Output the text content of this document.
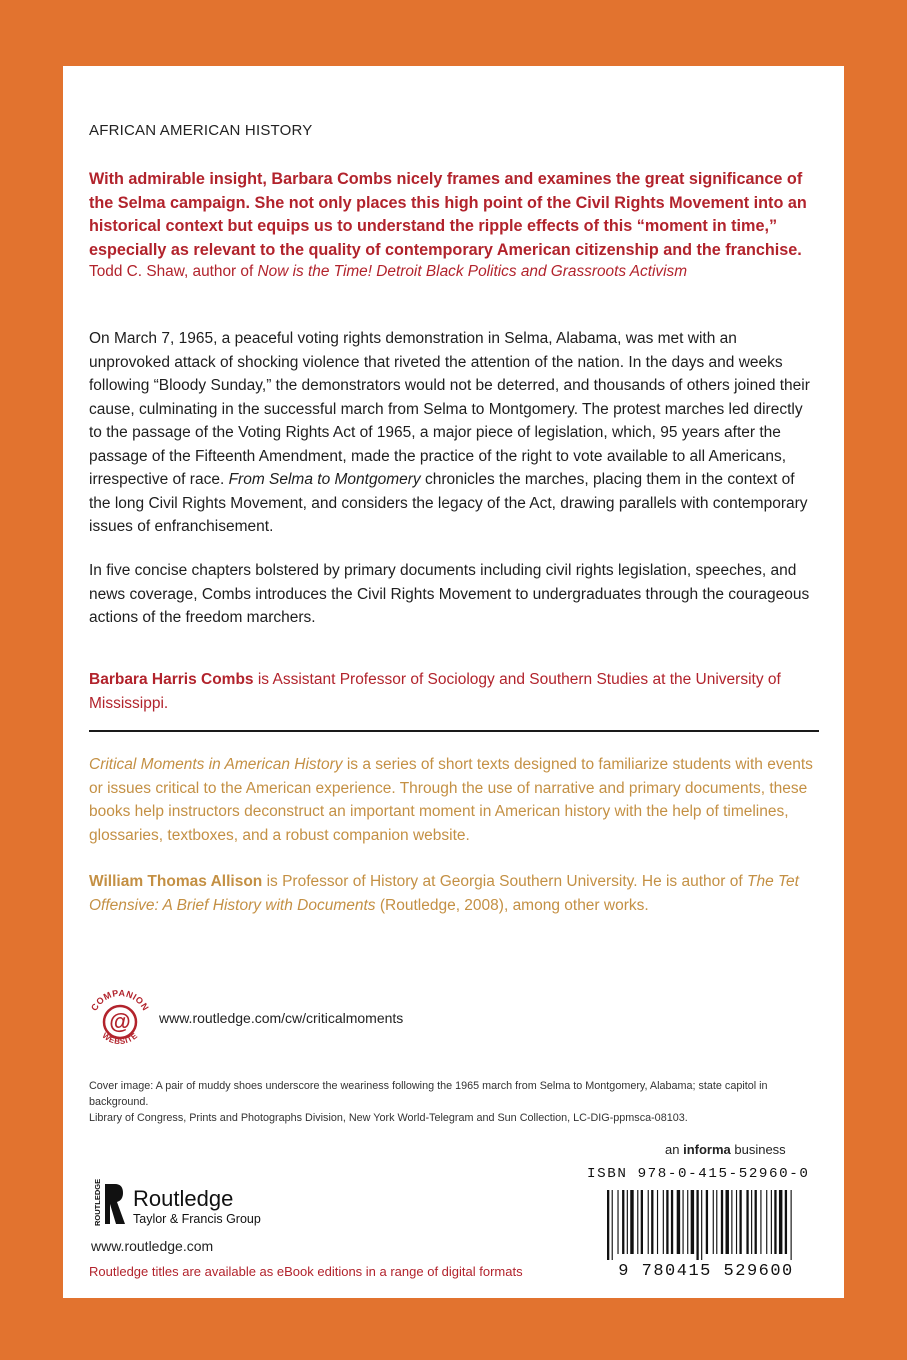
AFRICAN AMERICAN HISTORY
With admirable insight, Barbara Combs nicely frames and examines the great significance of the Selma campaign. She not only places this high point of the Civil Rights Movement into an historical context but equips us to understand the ripple effects of this “moment in time,” especially as relevant to the quality of contemporary American citizenship and the franchise.
Todd C. Shaw, author of Now is the Time! Detroit Black Politics and Grassroots Activism
On March 7, 1965, a peaceful voting rights demonstration in Selma, Alabama, was met with an unprovoked attack of shocking violence that riveted the attention of the nation. In the days and weeks following “Bloody Sunday,” the demonstrators would not be deterred, and thousands of others joined their cause, culminating in the successful march from Selma to Montgomery. The protest marches led directly to the passage of the Voting Rights Act of 1965, a major piece of legislation, which, 95 years after the passage of the Fifteenth Amendment, made the practice of the right to vote available to all Americans, irrespective of race. From Selma to Montgomery chronicles the marches, placing them in the context of the long Civil Rights Movement, and considers the legacy of the Act, drawing parallels with contemporary issues of enfranchisement.
In five concise chapters bolstered by primary documents including civil rights legislation, speeches, and news coverage, Combs introduces the Civil Rights Movement to undergraduates through the courageous actions of the freedom marchers.
Barbara Harris Combs is Assistant Professor of Sociology and Southern Studies at the University of Mississippi.
Critical Moments in American History is a series of short texts designed to familiarize students with events or issues critical to the American experience. Through the use of narrative and primary documents, these books help instructors deconstruct an important moment in American history with the help of timelines, glossaries, textboxes, and a robust companion website.
William Thomas Allison is Professor of History at Georgia Southern University. He is author of The Tet Offensive: A Brief History with Documents (Routledge, 2008), among other works.
@
COMPANION
WEBSITE
www.routledge.com/cw/criticalmoments
Cover image: A pair of muddy shoes underscore the weariness following the 1965 march from Selma to Montgomery, Alabama; state capitol in background.
Library of Congress, Prints and Photographs Division, New York World-Telegram and Sun Collection, LC-DIG-ppmsca-08103.
an informa business
ISBN 978-0-415-52960-0
9 780415 529600
ROUTLEDGE Routledge
Taylor & Francis Group
www.routledge.com
Routledge titles are available as eBook editions in a range of digital formats
